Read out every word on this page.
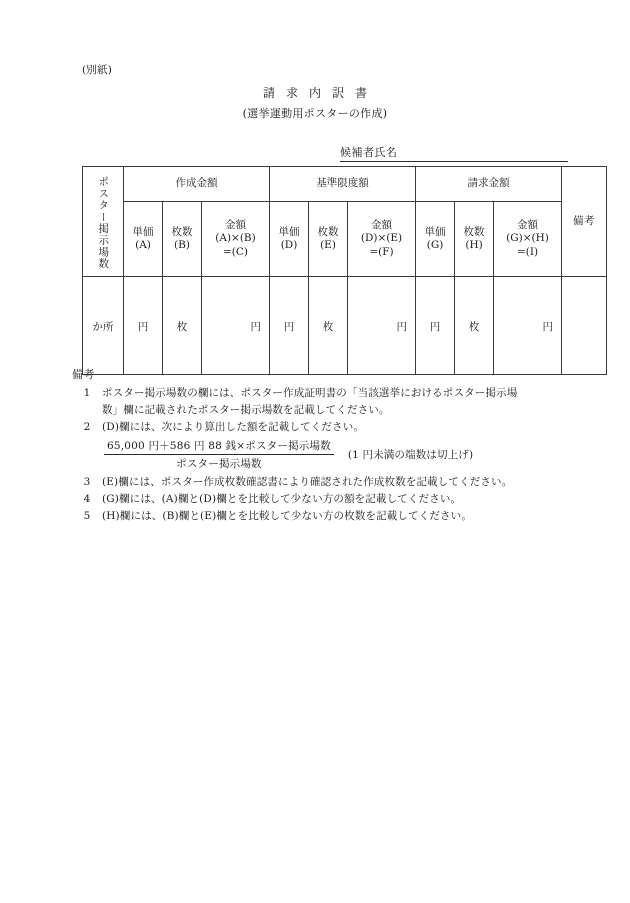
(別紙)
請求内訳書
(選挙運動用ポスターの作成)
候補者氏名
ポスター掲示場数	作成金額			基準限度額			請求金額			備考

	単価
(A)	枚数
(B)	金額
(A)×(B)
=(C)	単価
(D)	枚数
(E)	金額
(D)×(E)
=(F)	単価
(G)	枚数
(H)	金額
(G)×(H)
=(I)	

か所	円	枚	円	円	枚	円	円	枚	円	
備考
1	ポスター掲示場数の欄には、ポスター作成証明書の「当該選挙におけるポスター掲示場
数」欄に記載されたポスター掲示場数を記載してください。
2	(D)欄には、次により算出した額を記載してください。
$\frac{\text{65,000 円＋586 円 88 銭×ポスター掲示場数}}{\text{ポスター掲示場数}}$	(1 円未満の端数は切上げ)
3	(E)欄には、ポスター作成枚数確認書により確認された作成枚数を記載してください。
4	(G)欄には、(A)欄と(D)欄とを比較して少ない方の額を記載してください。
5	(H)欄には、(B)欄と(E)欄とを比較して少ない方の枚数を記載してください。
